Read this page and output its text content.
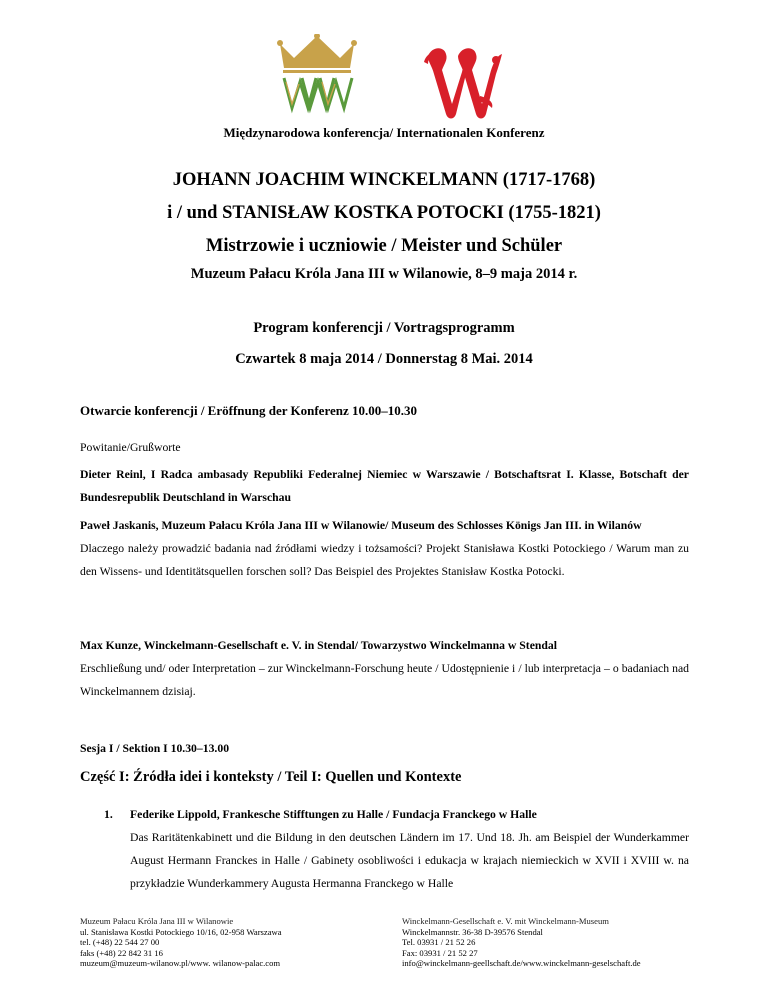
Międzynarodowa konferencja/ Internationalen Konferenz
JOHANN JOACHIM WINCKELMANN (1717-1768)
i / und STANISŁAW KOSTKA POTOCKI (1755-1821)
Mistrzowie i uczniowie / Meister und Schüler
Muzeum Pałacu Króla Jana III w Wilanowie, 8–9 maja 2014 r.
Program konferencji / Vortragsprogramm
Czwartek 8 maja 2014 / Donnerstag 8 Mai. 2014
Otwarcie konferencji / Eröffnung der Konferenz 10.00–10.30
Powitanie/Grußworte
Dieter Reinl, I Radca ambasady Republiki Federalnej Niemiec w Warszawie / Botschaftsrat I. Klasse, Botschaft der Bundesrepublik Deutschland in Warschau
Paweł Jaskanis, Muzeum Pałacu Króla Jana III w Wilanowie/ Museum des Schlosses Königs Jan III. in Wilanów
Dlaczego należy prowadzić badania nad źródłami wiedzy i tożsamości? Projekt Stanisława Kostki Potockiego / Warum man zu den Wissens- und Identitätsquellen forschen soll? Das Beispiel des Projektes Stanisław Kostka Potocki.
Max Kunze, Winckelmann-Gesellschaft e. V. in Stendal/ Towarzystwo Winckelmanna w Stendal
Erschließung und/ oder Interpretation – zur Winckelmann-Forschung heute / Udostępnienie i / lub interpretacja – o badaniach nad Winckelmannem dzisiaj.
Sesja I / Sektion I 10.30–13.00
Część I: Źródła idei i konteksty / Teil I: Quellen und Kontexte
1. Federike Lippold, Frankesche Stifftungen zu Halle / Fundacja Franckego w Halle
Das Raritätenkabinett und die Bildung in den deutschen Ländern im 17. Und 18. Jh. am Beispiel der Wunderkammer August Hermann Franckes in Halle / Gabinety osobliwości i edukacja w krajach niemieckich w XVII i XVIII w. na przykładzie Wunderkammery Augusta Hermanna Franckego w Halle
Muzeum Pałacu Króla Jana III w Wilanowie
ul. Stanisława Kostki Potockiego 10/16, 02-958 Warszawa
tel. (+48) 22 544 27 00
faks (+48) 22 842 31 16
muzeum@muzeum-wilanow.pl/www. wilanow-palac.com
Winckelmann-Gesellschaft e. V. mit Winckelmann-Museum
Winckelmannstr. 36-38 D-39576 Stendal
Tel. 03931 / 21 52 26
Fax: 03931 / 21 52 27
info@winckelmann-geellschaft.de/www.winckelmann-geselschaft.de
